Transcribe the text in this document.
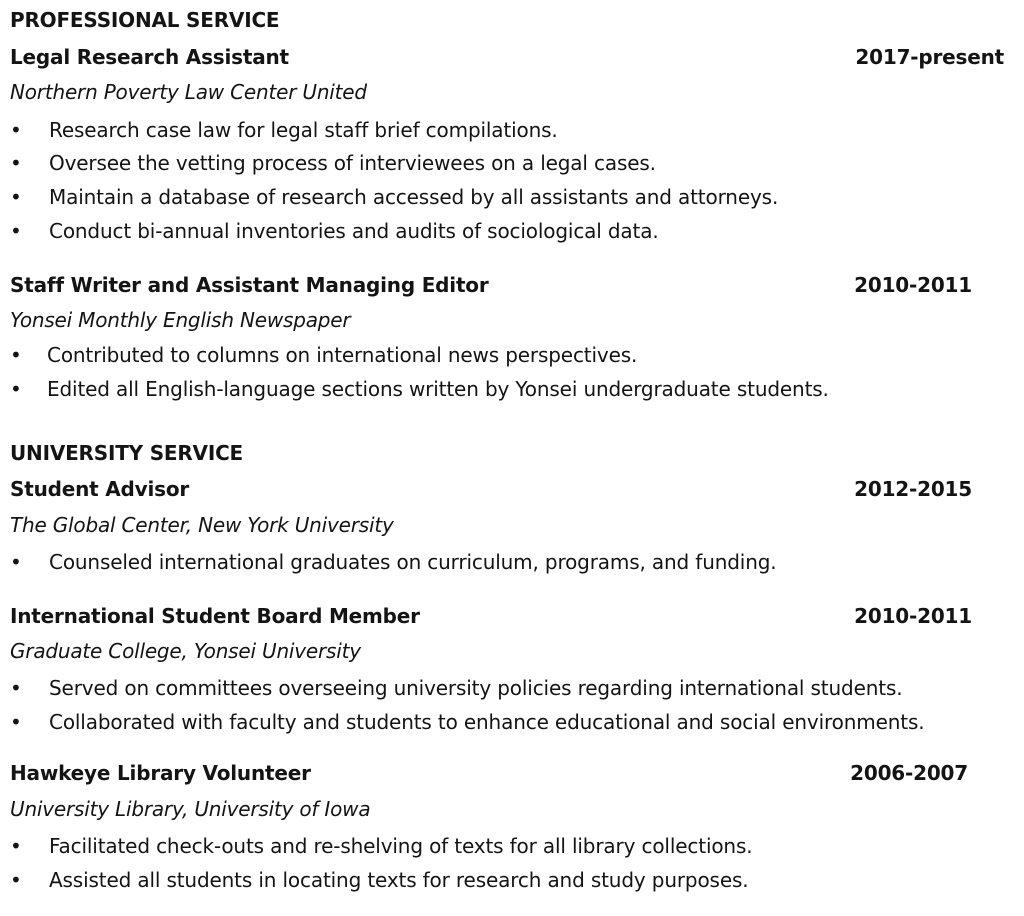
PROFESSIONAL SERVICE
Legal Research Assistant	2017-present
Northern Poverty Law Center United
• Research case law for legal staff brief compilations.
• Oversee the vetting process of interviewees on a legal cases.
• Maintain a database of research accessed by all assistants and attorneys.
• Conduct bi-annual inventories and audits of sociological data.
Staff Writer and Assistant Managing Editor	2010-2011
Yonsei Monthly English Newspaper
• Contributed to columns on international news perspectives.
• Edited all English-language sections written by Yonsei undergraduate students.
UNIVERSITY SERVICE
Student Advisor	2012-2015
The Global Center, New York University
• Counseled international graduates on curriculum, programs, and funding.
International Student Board Member	2010-2011
Graduate College, Yonsei University
• Served on committees overseeing university policies regarding international students.
• Collaborated with faculty and students to enhance educational and social environments.
Hawkeye Library Volunteer	2006-2007
University Library, University of Iowa
• Facilitated check-outs and re-shelving of texts for all library collections.
• Assisted all students in locating texts for research and study purposes.
